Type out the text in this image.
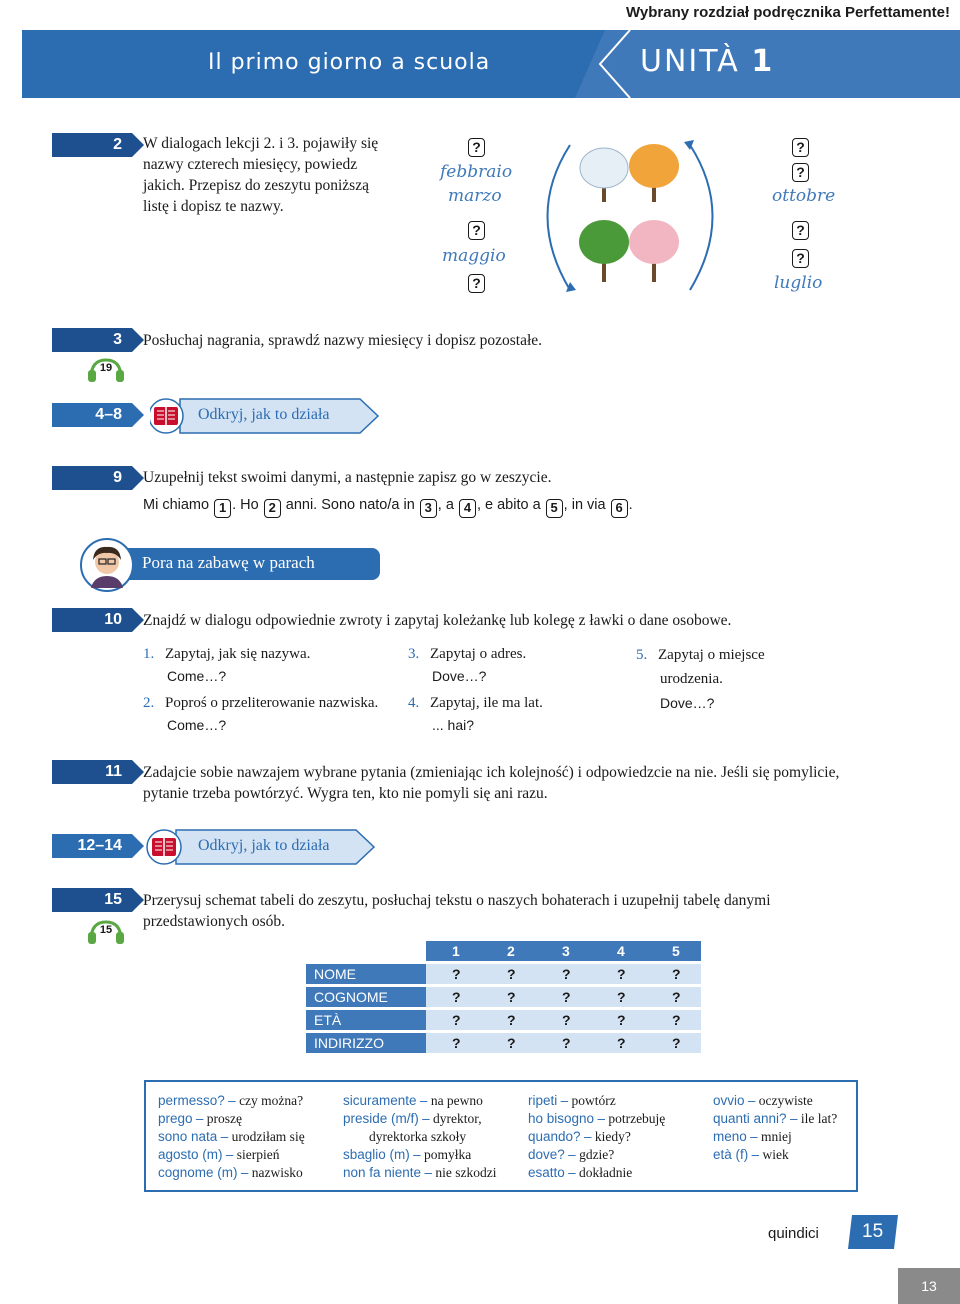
Wybrany rozdział podręcznika Perfettamente!
Il primo giorno a scuola	UNITÀ 1
2	W dialogach lekcji 2. i 3. pojawiły się nazwy czterech miesięcy, powiedz jakich. Przepisz do zeszytu poniższą listę i dopisz te nazwy.
?
febbraio
marzo
?
maggio
?
?
?
ottobre
?
?
luglio
3
19
Posłuchaj nagrania, sprawdź nazwy miesięcy i dopisz pozostałe.
4–8	Odkryj, jak to działa
9	Uzupełnij tekst swoimi danymi, a następnie zapisz go w zeszycie.
Mi chiamo 1 . Ho 2 anni. Sono nato/a in 3 , a 4 , e abito a 5 , in via 6 .
Pora na zabawę w parach
10	Znajdź w dialogu odpowiednie zwroty i zapytaj koleżankę lub kolegę z ławki o dane osobowe.
1. Zapytaj, jak się nazywa.
Come…?
2. Poproś o przeliterowanie nazwiska.
Come…?
3. Zapytaj o adres.
Dove…?
4. Zapytaj, ile ma lat.
... hai?
5. Zapytaj o miejsce
urodzenia.
Dove…?
11	Zadajcie sobie nawzajem wybrane pytania (zmieniając ich kolejność) i odpowiedzcie na nie. Jeśli się pomylicie, pytanie trzeba powtórzyć. Wygra ten, kto nie pomyli się ani razu.
12–14	Odkryj, jak to działa
15
15
Przerysuj schemat tabeli do zeszytu, posłuchaj tekstu o naszych bohaterach i uzupełnij tabelę danymi przedstawionych osób.
	1	2	3	4	5
NOME	?	?	?	?	?
COGNOME	?	?	?	?	?
ETÀ	?	?	?	?	?
INDIRIZZO	?	?	?	?	?
permesso? – czy można?
prego – proszę
sono nata – urodziłam się
agosto (m) – sierpień
cognome (m) – nazwisko
sicuramente – na pewno
preside (m/f) – dyrektor,
dyrektorka szkoły
sbaglio (m) – pomyłka
non fa niente – nie szkodzi
ripeti – powtórz
ho bisogno – potrzebuję
quando? – kiedy?
dove? – gdzie?
esatto – dokładnie
ovvio – oczywiste
quanti anni? – ile lat?
meno – mniej
età (f) – wiek
quindici 15
13
